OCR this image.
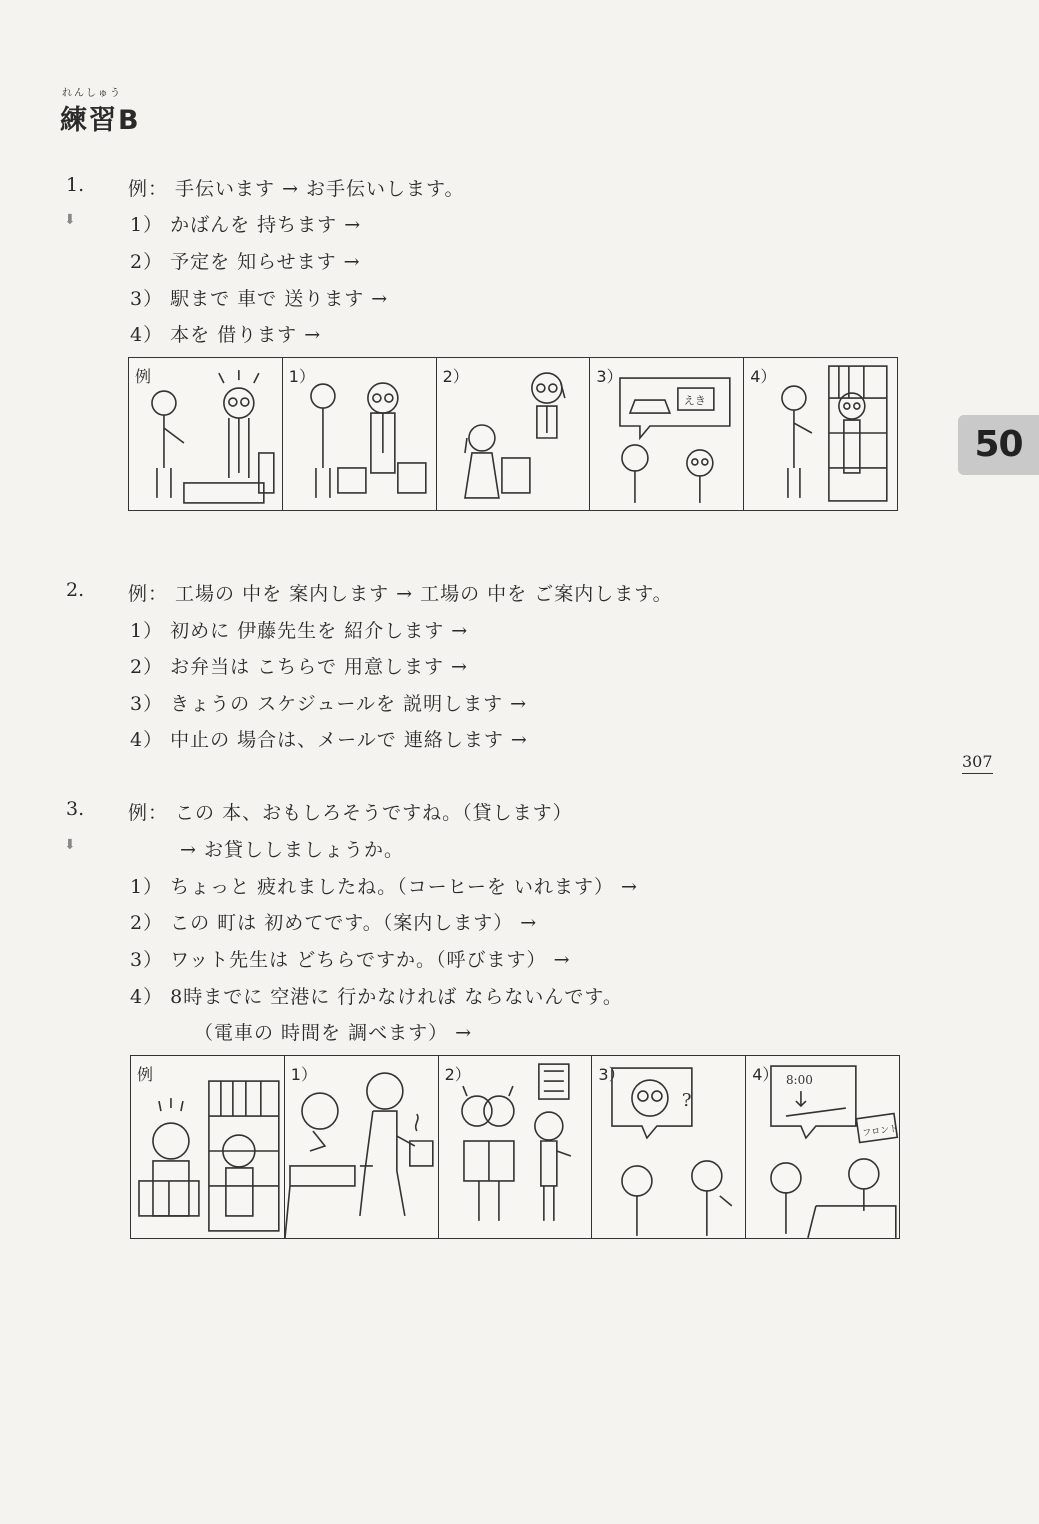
れんしゅう
練習B
50
307
1. 例： 手伝います → お手伝いします。
⬇	1） かばんを 持ちます →
2） 予定を 知らせます →
3） 駅まで 車で 送ります →
4） 本を 借ります →
例	1）	2）	3）
えき
4）
2. 例： 工場の 中を 案内します → 工場の 中を ご案内します。
1） 初めに 伊藤先生を 紹介します →
2） お弁当は こちらで 用意します →
3） きょうの スケジュールを 説明します →
4） 中止の 場合は、メールで 連絡します →
3. 例： この 本、おもしろそうですね。（貸します）
⬇	→ お貸ししましょうか。
1） ちょっと 疲れましたね。（コーヒーを いれます） →
2） この 町は 初めてです。（案内します） →
3） ワット先生は どちらですか。（呼びます） →
4） 8時までに 空港に 行かなければ ならないんです。
（電車の 時間を 調べます） →
例	1）	2）	3）
?
4） 8:00
フロント
